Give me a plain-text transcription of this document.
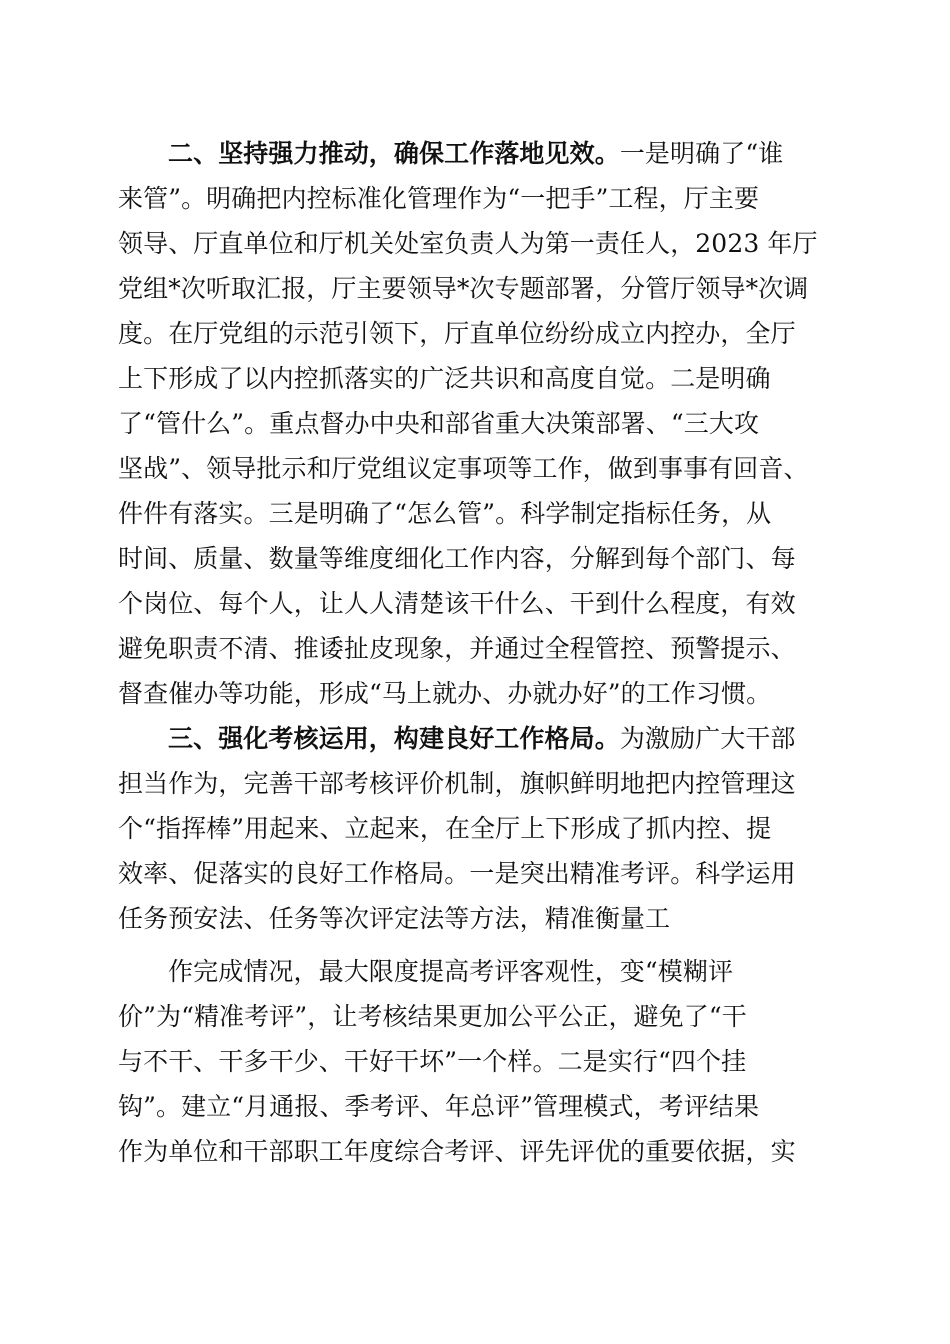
二、坚持强力推动，确保工作落地见效。一是明确了“谁
来管”。明确把内控标准化管理作为“一把手”工程，厅主要
领导、厅直单位和厅机关处室负责人为第一责任人，2023 年厅
党组*次听取汇报，厅主要领导*次专题部署，分管厅领导*次调
度。在厅党组的示范引领下，厅直单位纷纷成立内控办，全厅
上下形成了以内控抓落实的广泛共识和高度自觉。二是明确
了“管什么”。重点督办中央和部省重大决策部署、“三大攻
坚战”、领导批示和厅党组议定事项等工作，做到事事有回音、
件件有落实。三是明确了“怎么管”。科学制定指标任务，从
时间、质量、数量等维度细化工作内容，分解到每个部门、每
个岗位、每个人，让人人清楚该干什么、干到什么程度，有效
避免职责不清、推诿扯皮现象，并通过全程管控、预警提示、
督查催办等功能，形成“马上就办、办就办好”的工作习惯。
三、强化考核运用，构建良好工作格局。为激励广大干部
担当作为，完善干部考核评价机制，旗帜鲜明地把内控管理这
个“指挥棒”用起来、立起来，在全厅上下形成了抓内控、提
效率、促落实的良好工作格局。一是突出精准考评。科学运用
任务预安法、任务等次评定法等方法，精准衡量工
作完成情况，最大限度提高考评客观性，变“模糊评
价”为“精准考评”，让考核结果更加公平公正，避免了“干
与不干、干多干少、干好干坏”一个样。二是实行“四个挂
钩”。建立“月通报、季考评、年总评”管理模式，考评结果
作为单位和干部职工年度综合考评、评先评优的重要依据，实
